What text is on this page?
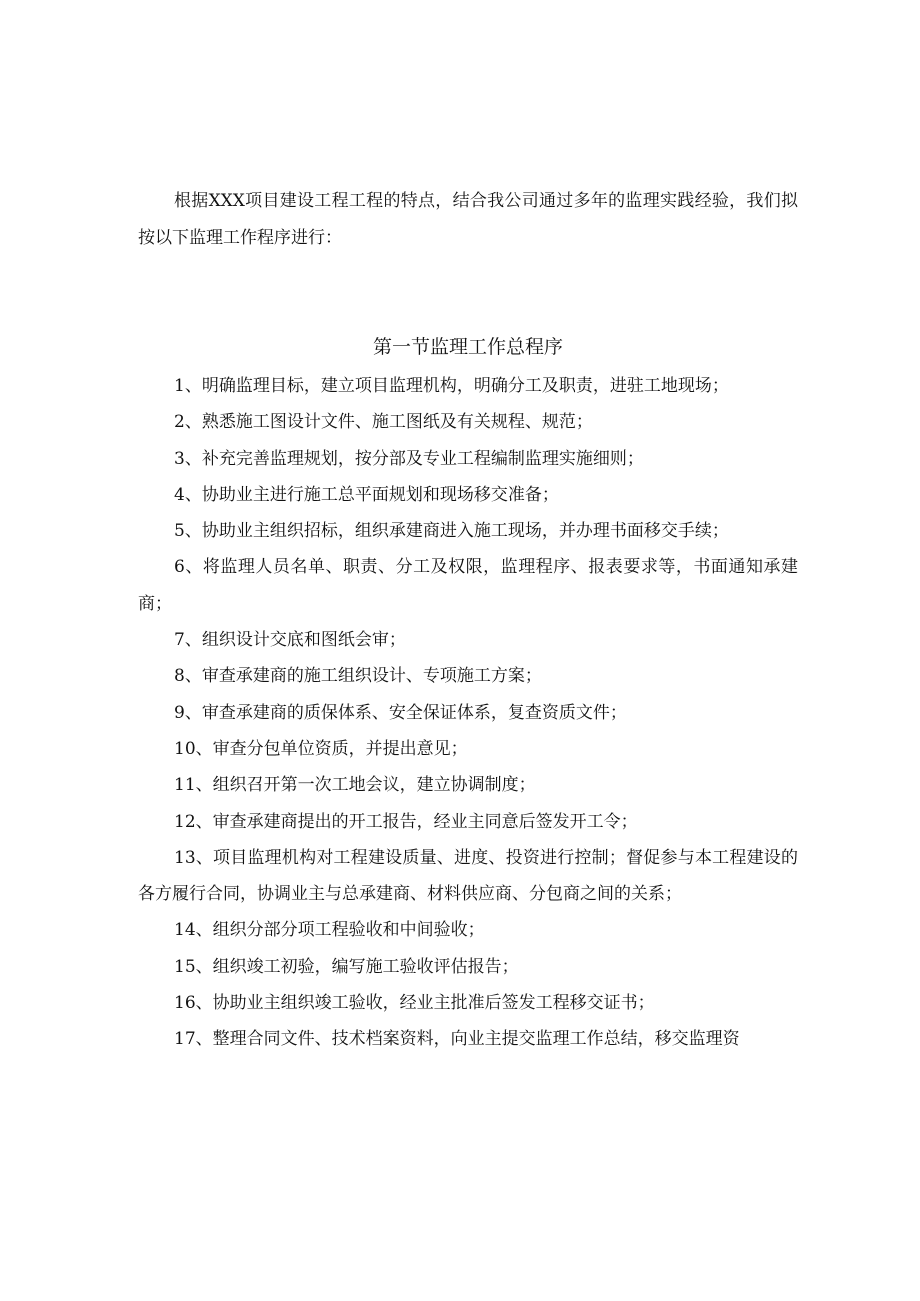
根据XXX项目建设工程工程的特点，结合我公司通过多年的监理实践经验，我们拟按以下监理工作程序进行：

第一节监理工作总程序
1、明确监理目标，建立项目监理机构，明确分工及职责，进驻工地现场；
2、熟悉施工图设计文件、施工图纸及有关规程、规范；
3、补充完善监理规划，按分部及专业工程编制监理实施细则；
4、协助业主进行施工总平面规划和现场移交准备；
5、协助业主组织招标，组织承建商进入施工现场，并办理书面移交手续；
6、将监理人员名单、职责、分工及权限，监理程序、报表要求等，书面通知承建商；
7、组织设计交底和图纸会审；
8、审查承建商的施工组织设计、专项施工方案；
9、审查承建商的质保体系、安全保证体系，复查资质文件；
10、审查分包单位资质，并提出意见；
11、组织召开第一次工地会议，建立协调制度；
12、审查承建商提出的开工报告，经业主同意后签发开工令；
13、项目监理机构对工程建设质量、进度、投资进行控制；督促参与本工程建设的各方履行合同，协调业主与总承建商、材料供应商、分包商之间的关系；
14、组织分部分项工程验收和中间验收；
15、组织竣工初验，编写施工验收评估报告；
16、协助业主组织竣工验收，经业主批准后签发工程移交证书；
17、整理合同文件、技术档案资料，向业主提交监理工作总结，移交监理资
